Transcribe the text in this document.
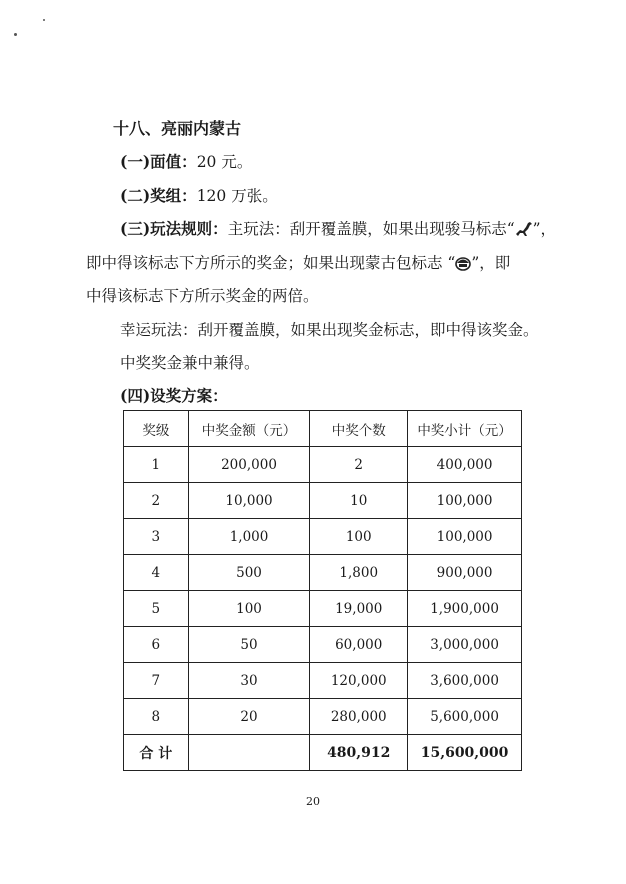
十八、亮丽内蒙古
(一)面值：20 元。
(二)奖组：120 万张。
(三)玩法规则：主玩法：刮开覆盖膜，如果出现骏马标志“ ”，
即中得该标志下方所示的奖金；如果出现蒙古包标志 “ ”，即
中得该标志下方所示奖金的两倍。
幸运玩法：刮开覆盖膜，如果出现奖金标志，即中得该奖金。
中奖奖金兼中兼得。
(四)设奖方案：
奖级	中奖金额（元）	中奖个数	中奖小计（元）
1	200,000	2	400,000
2	10,000	10	100,000
3	1,000	100	100,000
4	500	1,800	900,000
5	100	19,000	1,900,000
6	50	60,000	3,000,000
7	30	120,000	3,600,000
8	20	280,000	5,600,000
合 计		480,912	15,600,000
20
